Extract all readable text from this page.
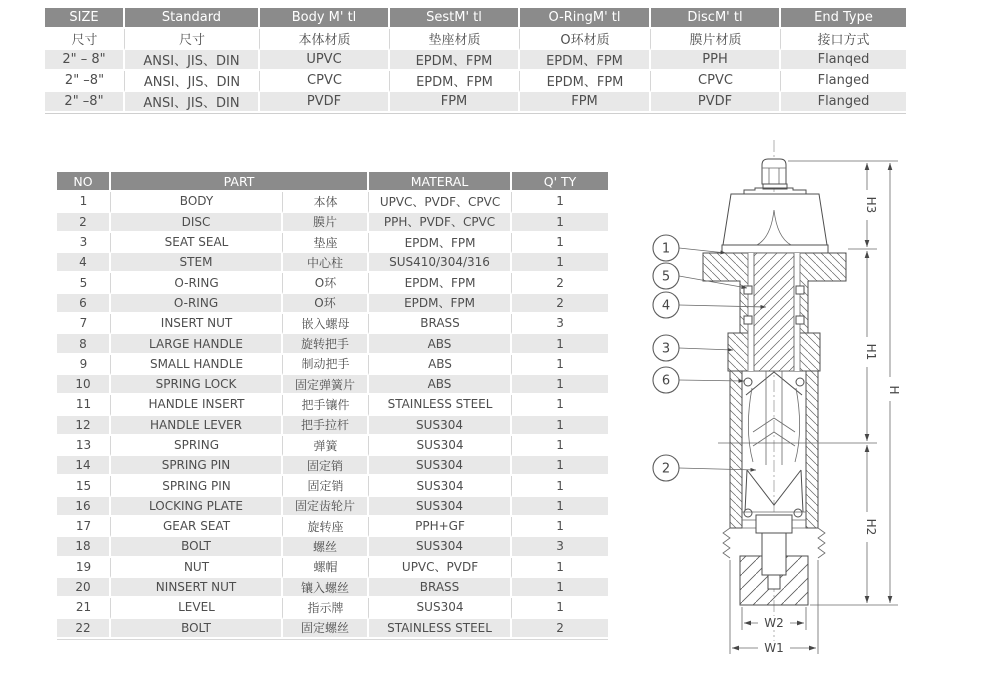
SIZE	Standard	Body M' tl	SestM' tl	O-RingM' tl	DiscM' tl	End Type
尺寸	尺寸	本体材质	垫座材质	O环材质	膜片材质	接口方式
2" – 8"	ANSI、JIS、DIN	UPVC	EPDM、FPM	EPDM、FPM	PPH	Flanqed
2" –8"	ANSI、JIS、DIN	CPVC	EPDM、FPM	EPDM、FPM	CPVC	Flanged
2" –8"	ANSI、JIS、DIN	PVDF	FPM	FPM	PVDF	Flanged
NO	PART		MATERAL	Q' TY
1	BODY	本体	UPVC、PVDF、CPVC	1
2	DISC	膜片	PPH、PVDF、CPVC	1
3	SEAT SEAL	垫座	EPDM、FPM	1
4	STEM	中心柱	SUS410/304/316	1
5	O-RING	O环	EPDM、FPM	2
6	O-RING	O环	EPDM、FPM	2
7	INSERT NUT	嵌入螺母	BRASS	3
8	LARGE HANDLE	旋转把手	ABS	1
9	SMALL HANDLE	制动把手	ABS	1
10	SPRING LOCK	固定弹簧片	ABS	1
11	HANDLE INSERT	把手镶件	STAINLESS STEEL	1
12	HANDLE LEVER	把手拉杆	SUS304	1
13	SPRING	弹簧	SUS304	1
14	SPRING PIN	固定销	SUS304	1
15	SPRING PIN	固定销	SUS304	1
16	LOCKING PLATE	固定齿轮片	SUS304	1
17	GEAR SEAT	旋转座	PPH+GF	1
18	BOLT	螺丝	SUS304	3
19	NUT	螺帽	UPVC、PVDF	1
20	NINSERT NUT	镶入螺丝	BRASS	1
21	LEVEL	指示牌	SUS304	1
22	BOLT	固定螺丝	STAINLESS STEEL	2
H3
H1
H2
H
W2
W1
1
5
4
3
6
2
